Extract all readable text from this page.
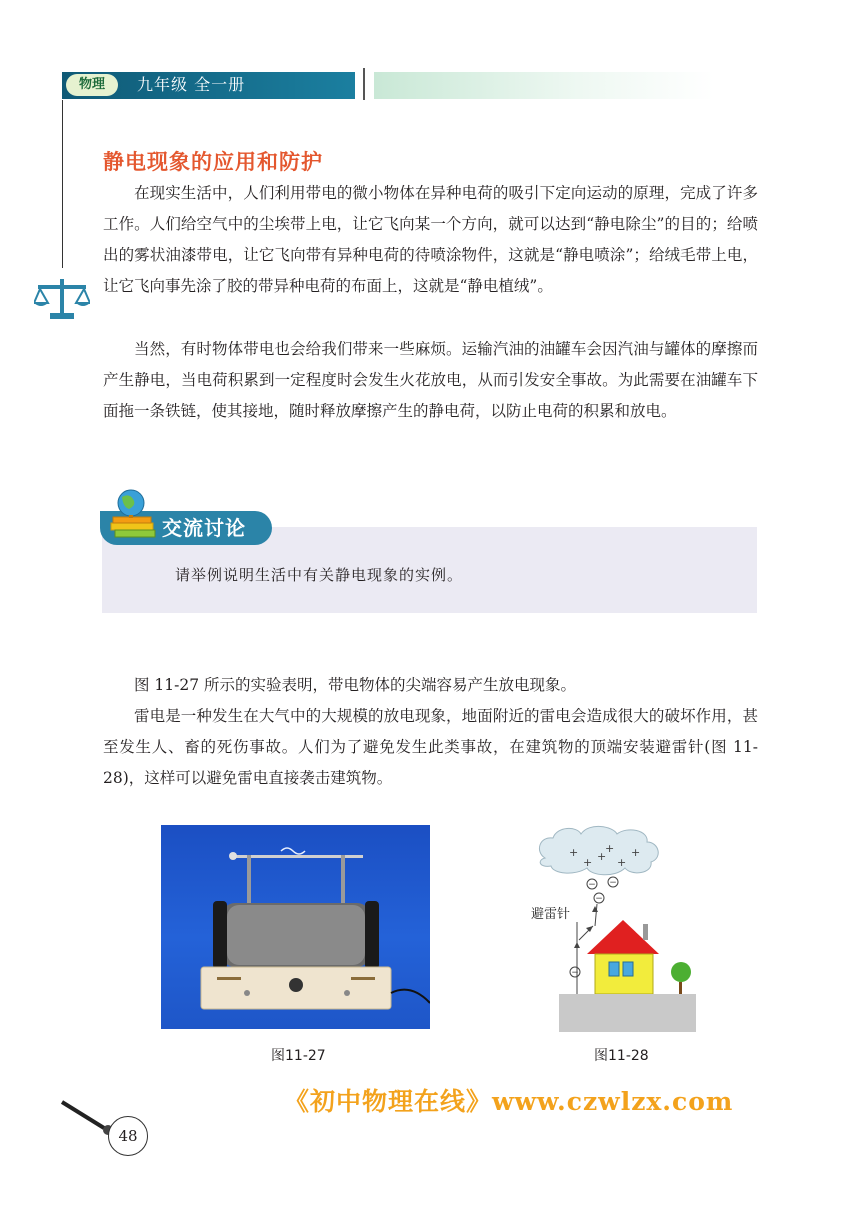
物理	九年级 全一册
静电现象的应用和防护

在现实生活中，人们利用带电的微小物体在异种电荷的吸引下定向运动的原理，完成了许多工作。人们给空气中的尘埃带上电，让它飞向某一个方向，就可以达到“静电除尘”的目的；给喷出的雾状油漆带电，让它飞向带有异种电荷的待喷涂物件，这就是“静电喷涂”；给绒毛带上电，让它飞向事先涂了胶的带异种电荷的布面上，这就是“静电植绒”。

当然，有时物体带电也会给我们带来一些麻烦。运输汽油的油罐车会因汽油与罐体的摩擦而产生静电，当电荷积累到一定程度时会发生火花放电，从而引发安全事故。为此需要在油罐车下面拖一条铁链，使其接地，随时释放摩擦产生的静电荷，以防止电荷的积累和放电。

交流讨论
请举例说明生活中有关静电现象的实例。

图 11-27 所示的实验表明，带电物体的尖端容易产生放电现象。

雷电是一种发生在大气中的大规模的放电现象，地面附近的雷电会造成很大的破坏作用，甚至发生人、畜的死伤事故。人们为了避免发生此类事故，在建筑物的顶端安装避雷针(图 11-28)，这样可以避免雷电直接袭击建筑物。

+
+ +
+
+
+
− −
−
−
避雷针
图11-27	图11-28
《初中物理在线》www.czwlzx.com
48
